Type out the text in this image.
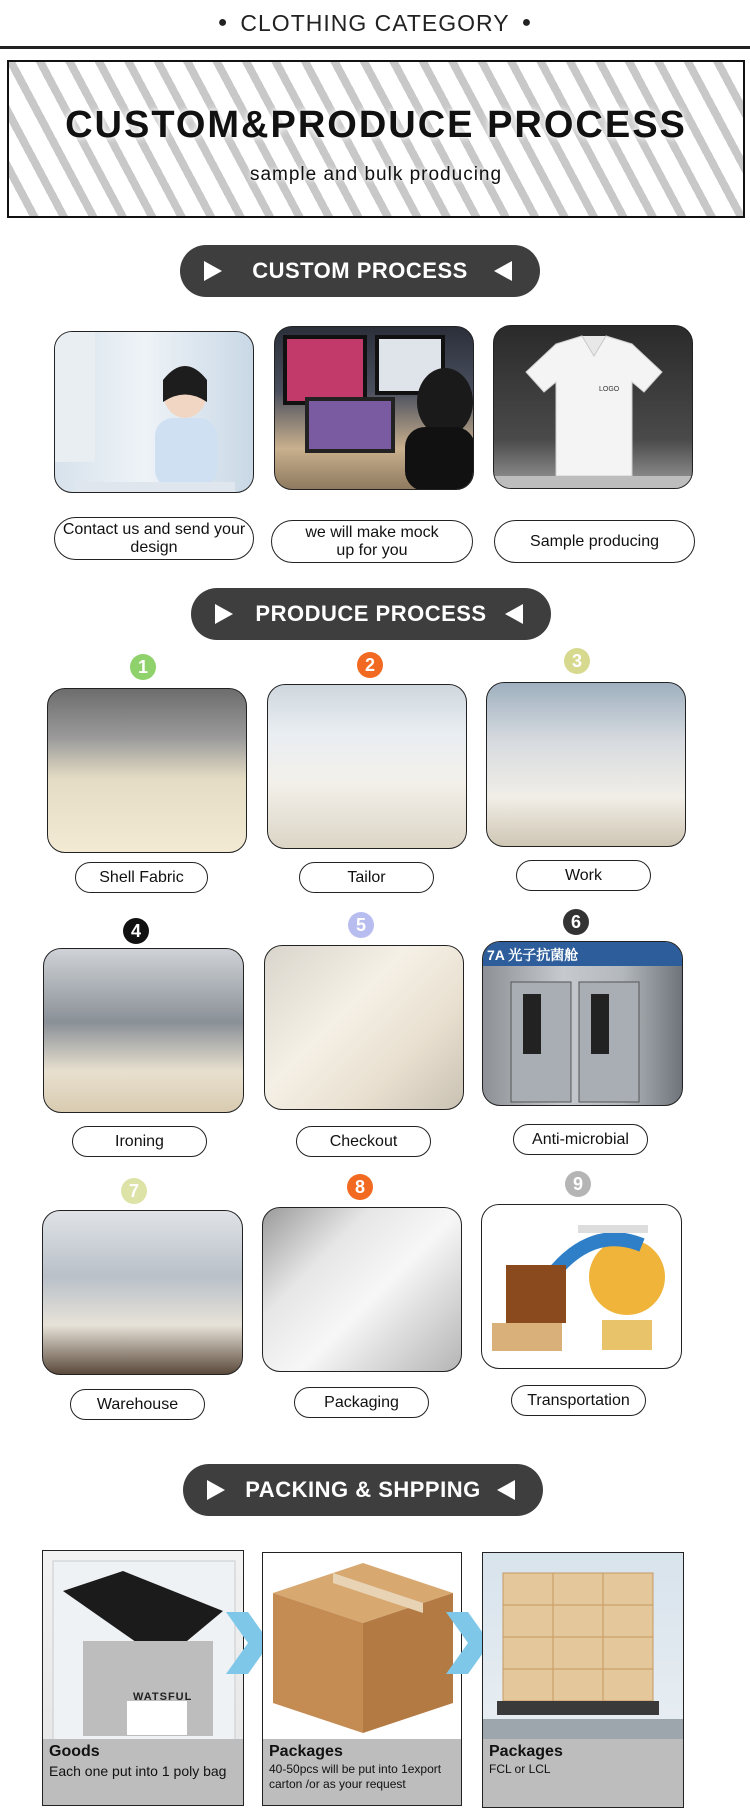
● CLOTHING CATEGORY ●
CUSTOM&PRODUCE PROCESS
sample and bulk producing
CUSTOM PROCESS
LOGO
Contact us and send your design
we will make mock up for you
Sample producing
PRODUCE PROCESS
1	2	3
Shell Fabric	Tailor	Work
4	5	6
7A 光子抗菌舱
Ironing	Checkout	Anti-microbial
7	8	9
Warehouse	Packaging	Transportation
PACKING & SHPPING
WATSFUL
Goods
Each one put into 1 poly bag
Packages
40-50pcs will be put into 1export carton /or as your request
Packages
FCL or LCL
